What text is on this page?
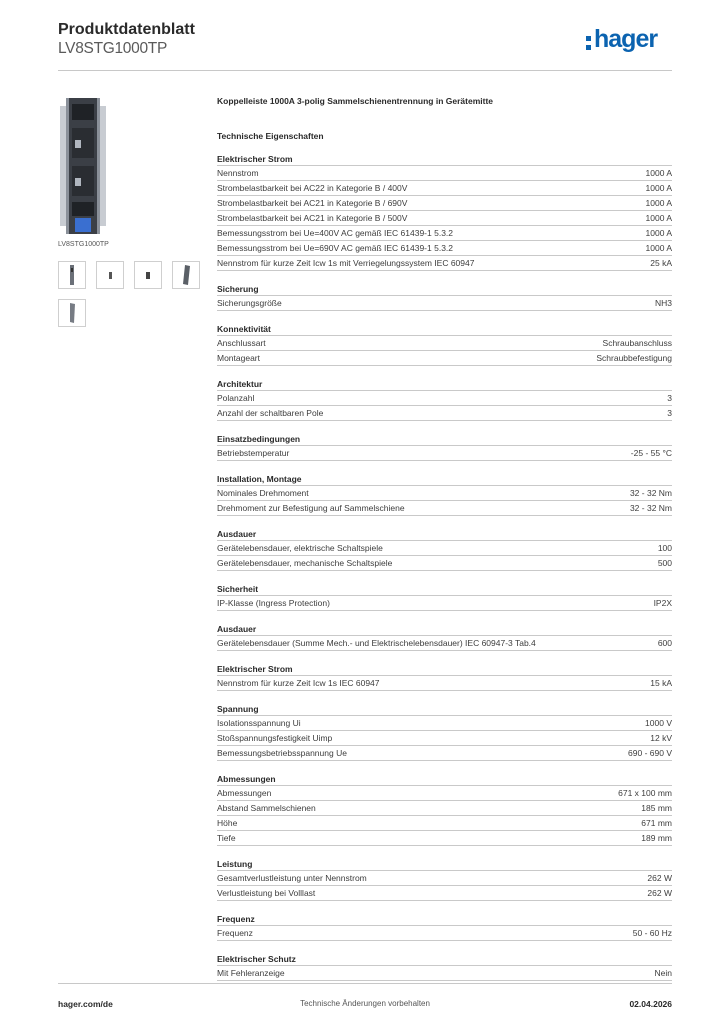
Produktdatenblatt
LV8STG1000TP	hager
LV8STG1000TP
Koppelleiste 1000A 3-polig Sammelschienentrennung in Gerätemitte
Technische Eigenschaften
Elektrischer Strom
Nennstrom	1000 A
Strombelastbarkeit bei AC22 in Kategorie B / 400V	1000 A
Strombelastbarkeit bei AC21 in Kategorie B / 690V	1000 A
Strombelastbarkeit bei AC21 in Kategorie B / 500V	1000 A
Bemessungsstrom bei Ue=400V AC gemäß IEC 61439-1 5.3.2	1000 A
Bemessungsstrom bei Ue=690V AC gemäß IEC 61439-1 5.3.2	1000 A
Nennstrom für kurze Zeit Icw 1s mit Verriegelungssystem IEC 60947	25 kA
Sicherung
Sicherungsgröße	NH3
Konnektivität
Anschlussart	Schraubanschluss
Montageart	Schraubbefestigung
Architektur
Polanzahl	3
Anzahl der schaltbaren Pole	3
Einsatzbedingungen
Betriebstemperatur	-25 - 55 °C
Installation, Montage
Nominales Drehmoment	32 - 32 Nm
Drehmoment zur Befestigung auf Sammelschiene	32 - 32 Nm
Ausdauer
Gerätelebensdauer, elektrische Schaltspiele	100
Gerätelebensdauer, mechanische Schaltspiele	500
Sicherheit
IP-Klasse (Ingress Protection)	IP2X
Ausdauer
Gerätelebensdauer (Summe Mech.- und Elektrischelebensdauer) IEC 60947-3 Tab.4	600
Elektrischer Strom
Nennstrom für kurze Zeit Icw 1s IEC 60947	15 kA
Spannung
Isolationsspannung Ui	1000 V
Stoßspannungsfestigkeit Uimp	12 kV
Bemessungsbetriebsspannung Ue	690 - 690 V
Abmessungen
Abmessungen	671 x 100 mm
Abstand Sammelschienen	185 mm
Höhe	671 mm
Tiefe	189 mm
Leistung
Gesamtverlustleistung unter Nennstrom	262 W
Verlustleistung bei Volllast	262 W
Frequenz
Frequenz	50 - 60 Hz
Elektrischer Schutz
Mit Fehleranzeige	Nein
hager.com/de	Technische Änderungen vorbehalten	02.04.2026
